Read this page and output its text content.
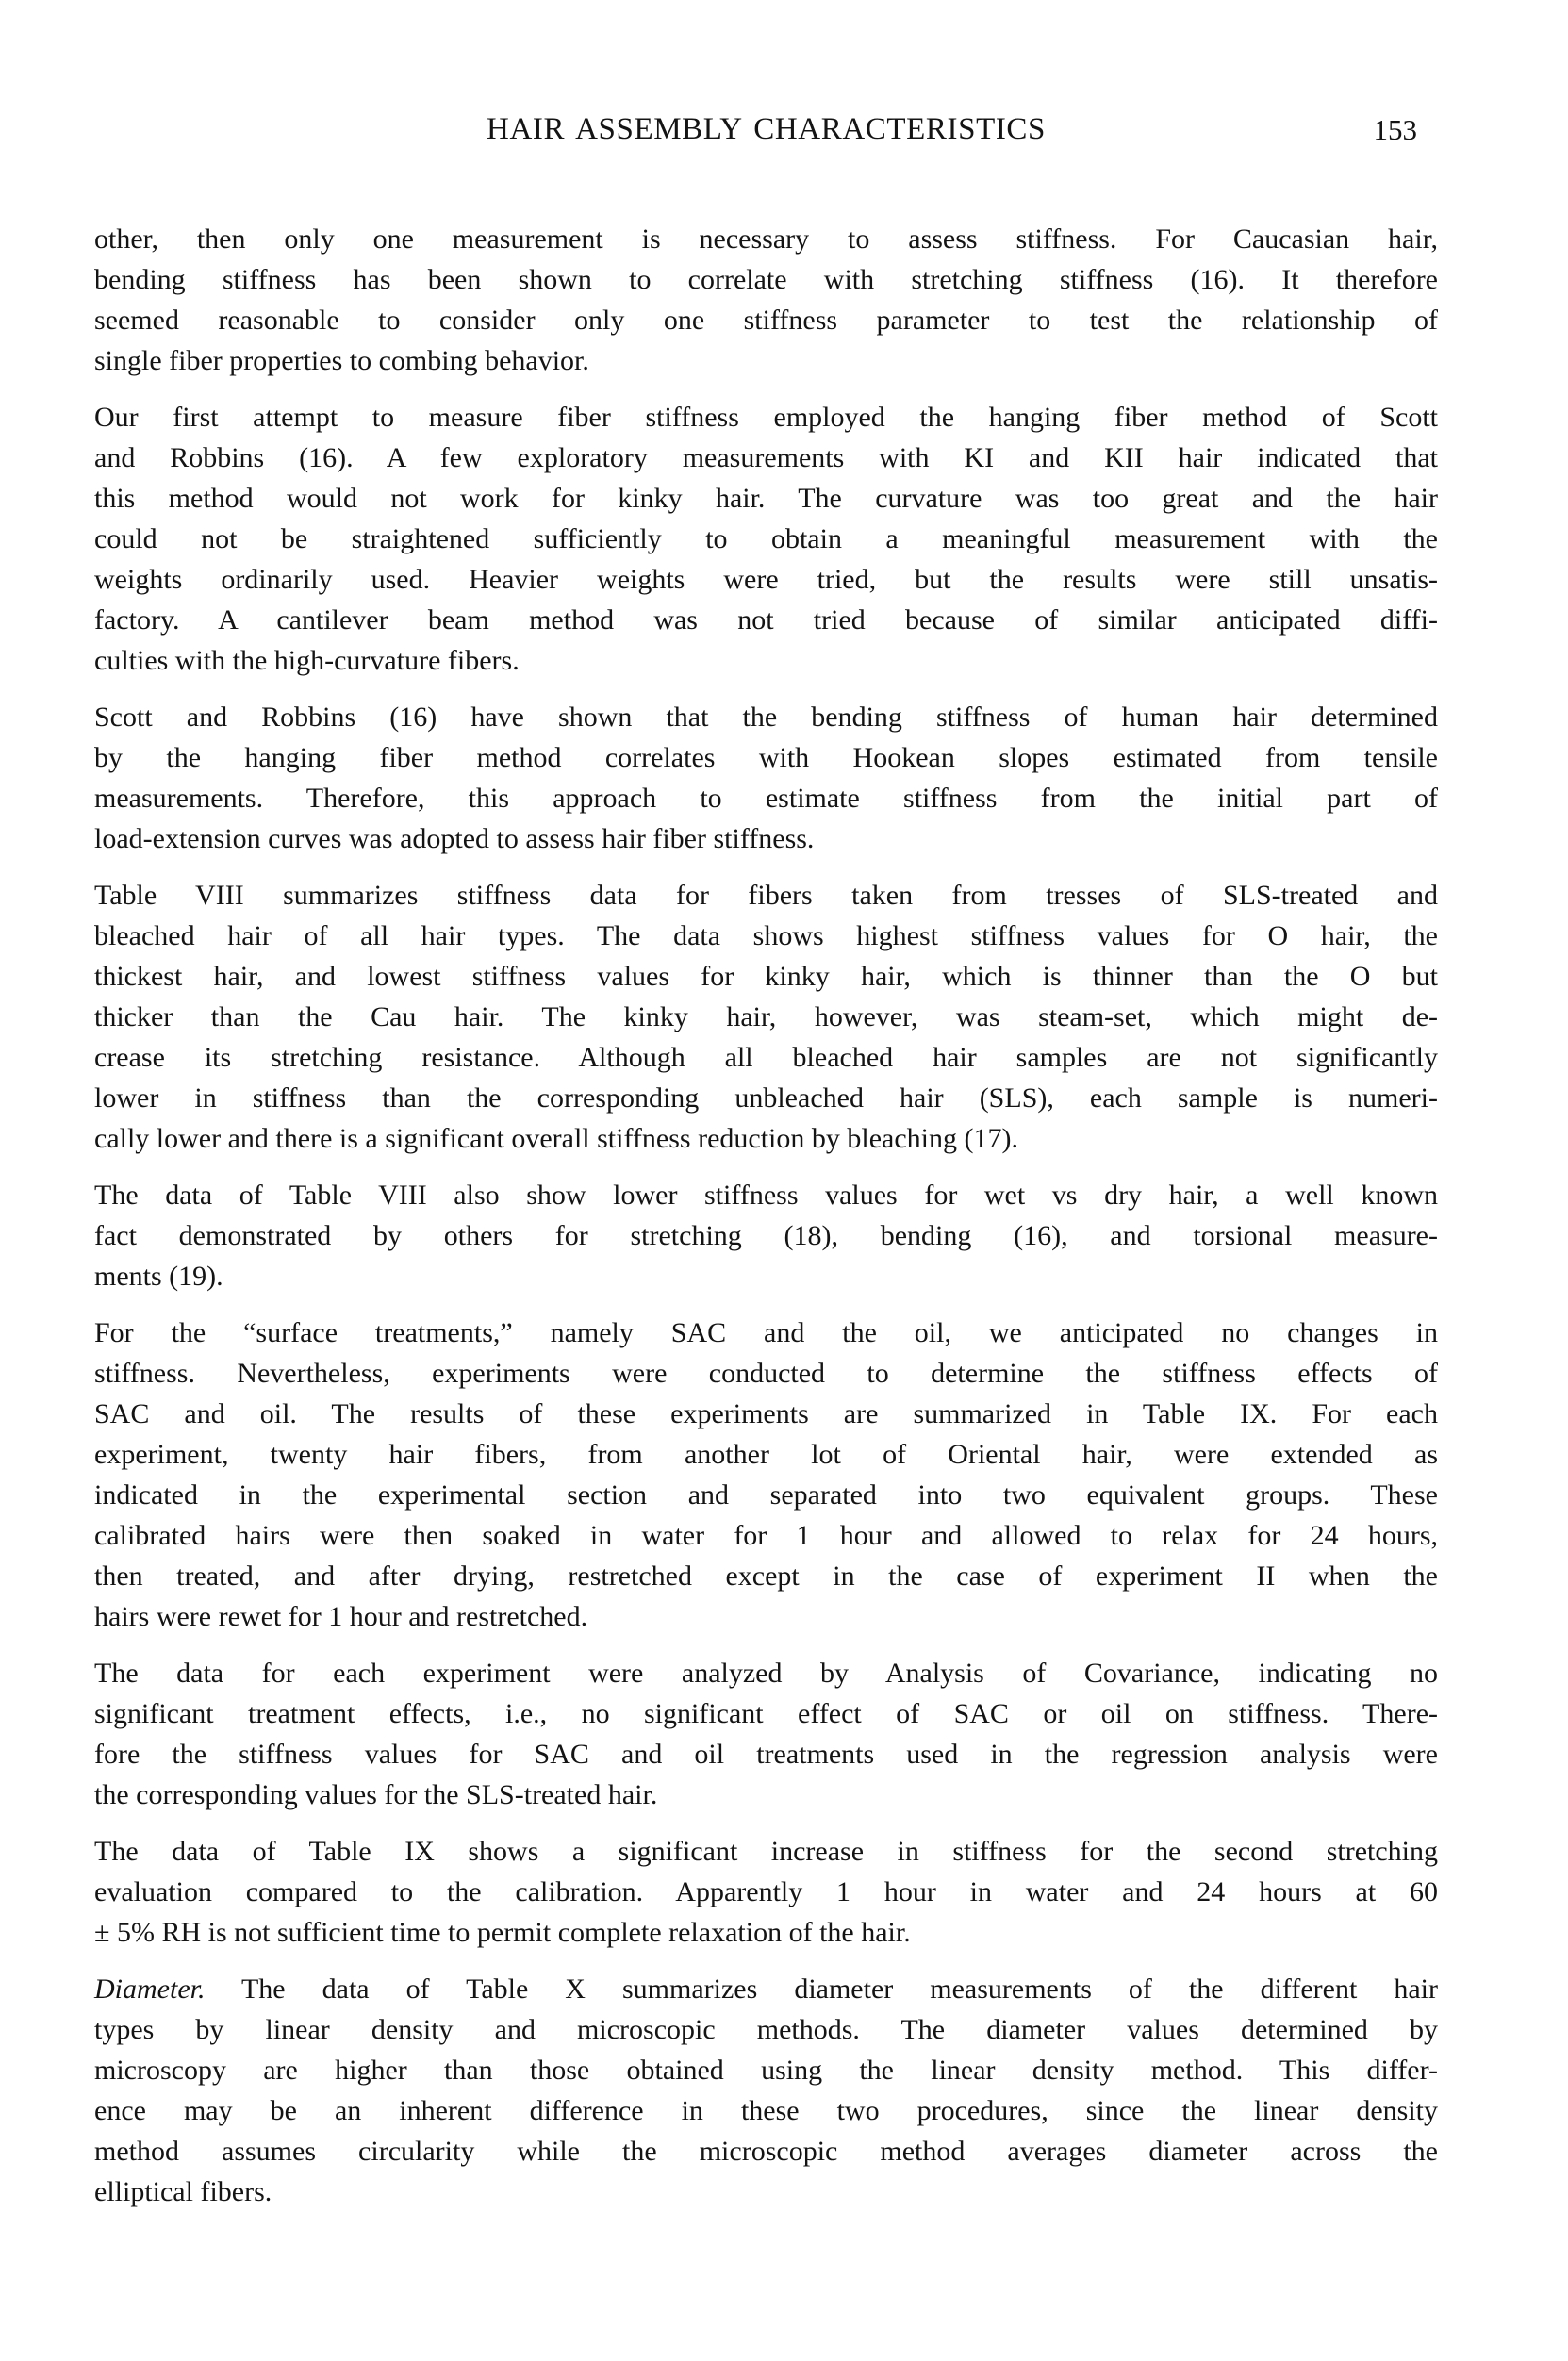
HAIR ASSEMBLY CHARACTERISTICS	153
other, then only one measurement is necessary to assess stiffness. For Caucasian hair,
bending stiffness has been shown to correlate with stretching stiffness (16). It therefore
seemed reasonable to consider only one stiffness parameter to test the relationship of
single fiber properties to combing behavior.
Our first attempt to measure fiber stiffness employed the hanging fiber method of Scott
and Robbins (16). A few exploratory measurements with KI and KII hair indicated that
this method would not work for kinky hair. The curvature was too great and the hair
could not be straightened sufficiently to obtain a meaningful measurement with the
weights ordinarily used. Heavier weights were tried, but the results were still unsatis-
factory. A cantilever beam method was not tried because of similar anticipated diffi-
culties with the high-curvature fibers.
Scott and Robbins (16) have shown that the bending stiffness of human hair determined
by the hanging fiber method correlates with Hookean slopes estimated from tensile
measurements. Therefore, this approach to estimate stiffness from the initial part of
load-extension curves was adopted to assess hair fiber stiffness.
Table VIII summarizes stiffness data for fibers taken from tresses of SLS-treated and
bleached hair of all hair types. The data shows highest stiffness values for O hair, the
thickest hair, and lowest stiffness values for kinky hair, which is thinner than the O but
thicker than the Cau hair. The kinky hair, however, was steam-set, which might de-
crease its stretching resistance. Although all bleached hair samples are not significantly
lower in stiffness than the corresponding unbleached hair (SLS), each sample is numeri-
cally lower and there is a significant overall stiffness reduction by bleaching (17).
The data of Table VIII also show lower stiffness values for wet vs dry hair, a well known
fact demonstrated by others for stretching (18), bending (16), and torsional measure-
ments (19).
For the “surface treatments,” namely SAC and the oil, we anticipated no changes in
stiffness. Nevertheless, experiments were conducted to determine the stiffness effects of
SAC and oil. The results of these experiments are summarized in Table IX. For each
experiment, twenty hair fibers, from another lot of Oriental hair, were extended as
indicated in the experimental section and separated into two equivalent groups. These
calibrated hairs were then soaked in water for 1 hour and allowed to relax for 24 hours,
then treated, and after drying, restretched except in the case of experiment II when the
hairs were rewet for 1 hour and restretched.
The data for each experiment were analyzed by Analysis of Covariance, indicating no
significant treatment effects, i.e., no significant effect of SAC or oil on stiffness. There-
fore the stiffness values for SAC and oil treatments used in the regression analysis were
the corresponding values for the SLS-treated hair.
The data of Table IX shows a significant increase in stiffness for the second stretching
evaluation compared to the calibration. Apparently 1 hour in water and 24 hours at 60
± 5% RH is not sufficient time to permit complete relaxation of the hair.
Diameter. The data of Table X summarizes diameter measurements of the different hair
types by linear density and microscopic methods. The diameter values determined by
microscopy are higher than those obtained using the linear density method. This differ-
ence may be an inherent difference in these two procedures, since the linear density
method assumes circularity while the microscopic method averages diameter across the
elliptical fibers.
